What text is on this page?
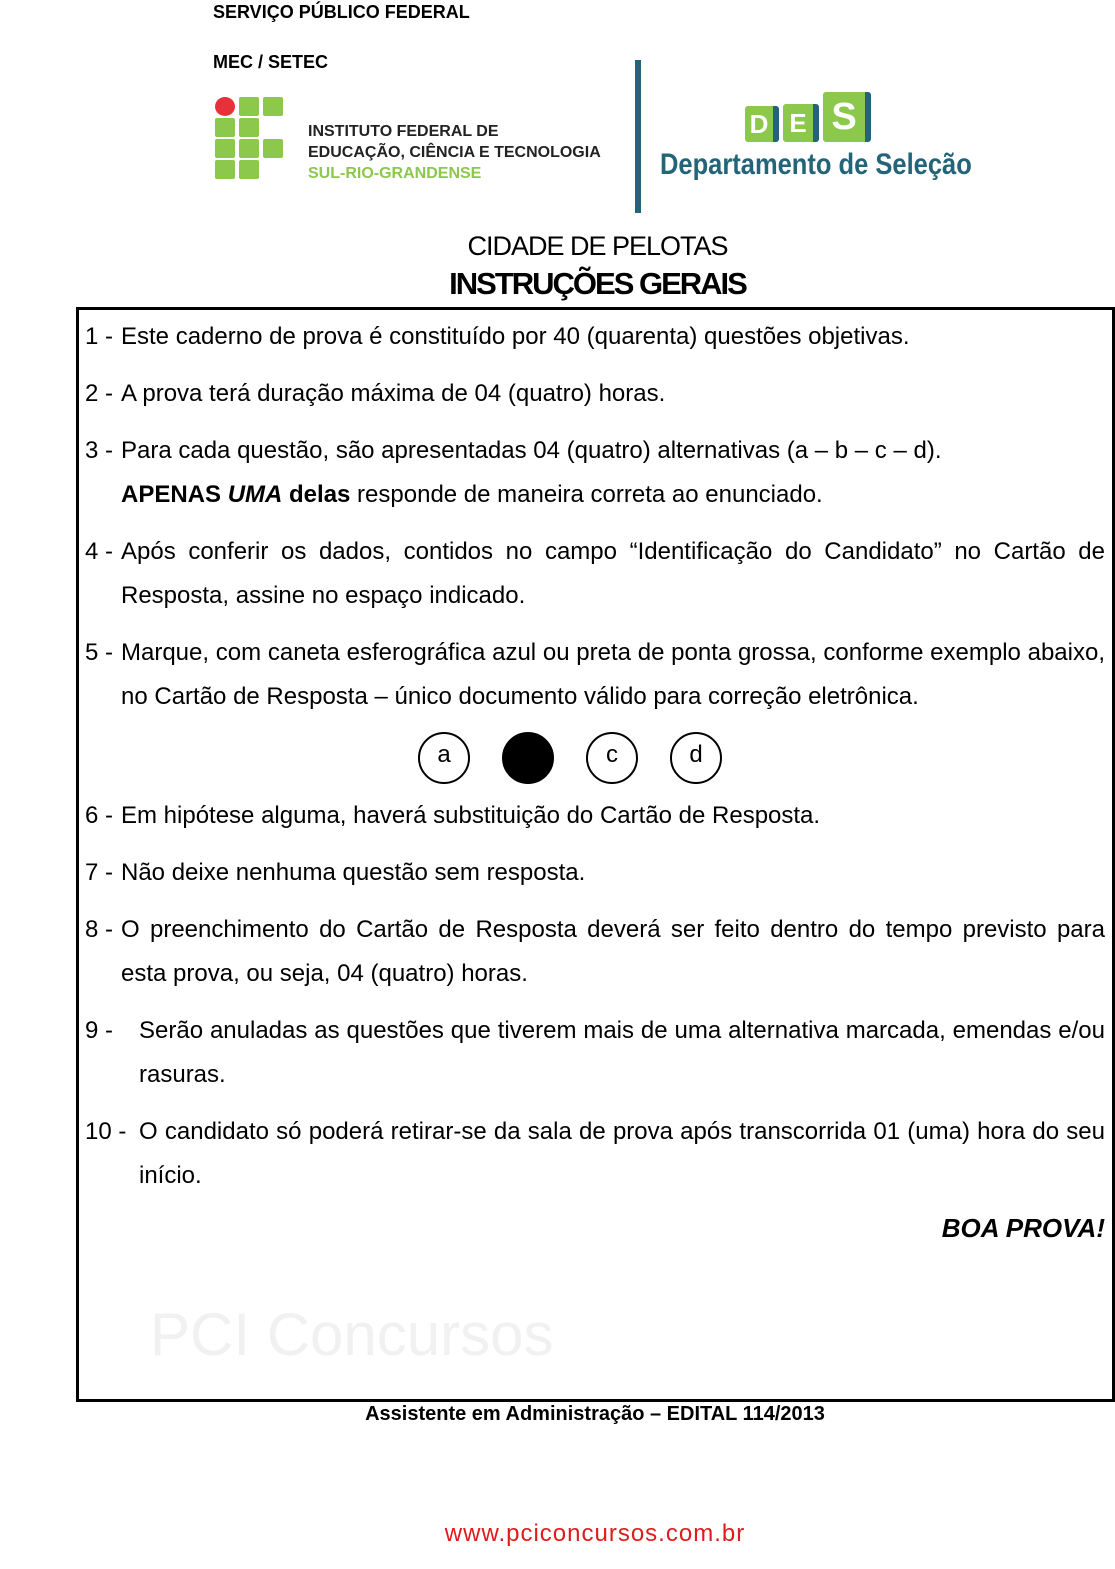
SERVIÇO PÚBLICO FEDERAL
MEC / SETEC
INSTITUTO FEDERAL DE
EDUCAÇÃO, CIÊNCIA E TECNOLOGIA
SUL-RIO-GRANDENSE
D E S
Departamento de Seleção
CIDADE DE PELOTAS
INSTRUÇÕES GERAIS
PCI Concursos
1 - Este caderno de prova é constituído por 40 (quarenta) questões objetivas.
2 - A prova terá duração máxima de 04 (quatro) horas.
3 - Para cada questão, são apresentadas 04 (quatro) alternativas (a – b – c – d).
APENAS UMA delas responde de maneira correta ao enunciado.
4 - Após conferir os dados, contidos no campo “Identificação do Candidato” no Cartão de Resposta, assine no espaço indicado.
5 - Marque, com caneta esferográfica azul ou preta de ponta grossa, conforme exemplo abaixo, no Cartão de Resposta – único documento válido para correção eletrônica.
a	c	d
6 - Em hipótese alguma, haverá substituição do Cartão de Resposta.
7 - Não deixe nenhuma questão sem resposta.
8 - O preenchimento do Cartão de Resposta deverá ser feito dentro do tempo previsto para esta prova, ou seja, 04 (quatro) horas.
9 -	Serão anuladas as questões que tiverem mais de uma alternativa marcada, emendas e/ou rasuras.
10 - O candidato só poderá retirar-se da sala de prova após transcorrida 01 (uma) hora do seu início.
BOA PROVA!
Assistente em Administração – EDITAL 114/2013
www.pciconcursos.com.br
